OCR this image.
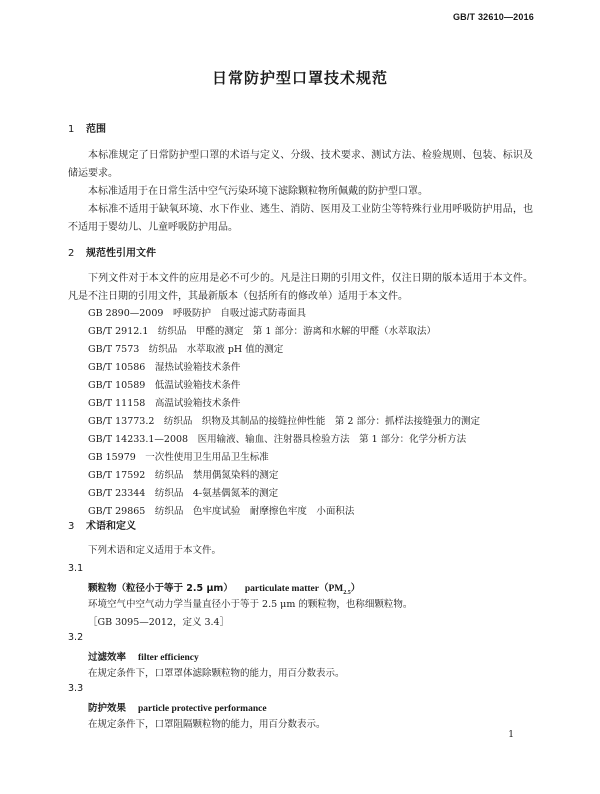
GB/T 32610—2016
日常防护型口罩技术规范
1 范围
本标准规定了日常防护型口罩的术语与定义、分级、技术要求、测试方法、检验规则、包装、标识及储运要求。
本标准适用于在日常生活中空气污染环境下滤除颗粒物所佩戴的防护型口罩。
本标准不适用于缺氧环境、水下作业、逃生、消防、医用及工业防尘等特殊行业用呼吸防护用品，也不适用于婴幼儿、儿童呼吸防护用品。
2 规范性引用文件
下列文件对于本文件的应用是必不可少的。凡是注日期的引用文件，仅注日期的版本适用于本文件。凡是不注日期的引用文件，其最新版本（包括所有的修改单）适用于本文件。
GB 2890—2009　呼吸防护　自吸过滤式防毒面具
GB/T 2912.1　纺织品　甲醛的测定　第 1 部分：游离和水解的甲醛（水萃取法）
GB/T 7573　纺织品　水萃取液 pH 值的测定
GB/T 10586　湿热试验箱技术条件
GB/T 10589　低温试验箱技术条件
GB/T 11158　高温试验箱技术条件
GB/T 13773.2　纺织品　织物及其制品的接缝拉伸性能　第 2 部分：抓样法接缝强力的测定
GB/T 14233.1—2008　医用输液、输血、注射器具检验方法　第 1 部分：化学分析方法
GB 15979　一次性使用卫生用品卫生标准
GB/T 17592　纺织品　禁用偶氮染料的测定
GB/T 23344　纺织品　4-氨基偶氮苯的测定
GB/T 29865　纺织品　色牢度试验　耐摩擦色牢度　小面积法
3 术语和定义
下列术语和定义适用于本文件。
3.1
颗粒物（粒径小于等于 2.5 μm） particulate $matter(PM_{2.5})$
环境空气中空气动力学当量直径小于等于 2.5 μm 的颗粒物，也称细颗粒物。
［GB 3095—2012，定义 3.4］
3.2
过滤效率 filter efficiency
在规定条件下，口罩罩体滤除颗粒物的能力，用百分数表示。
3.3
防护效果 particle protective performance
在规定条件下，口罩阻隔颗粒物的能力，用百分数表示。
1
